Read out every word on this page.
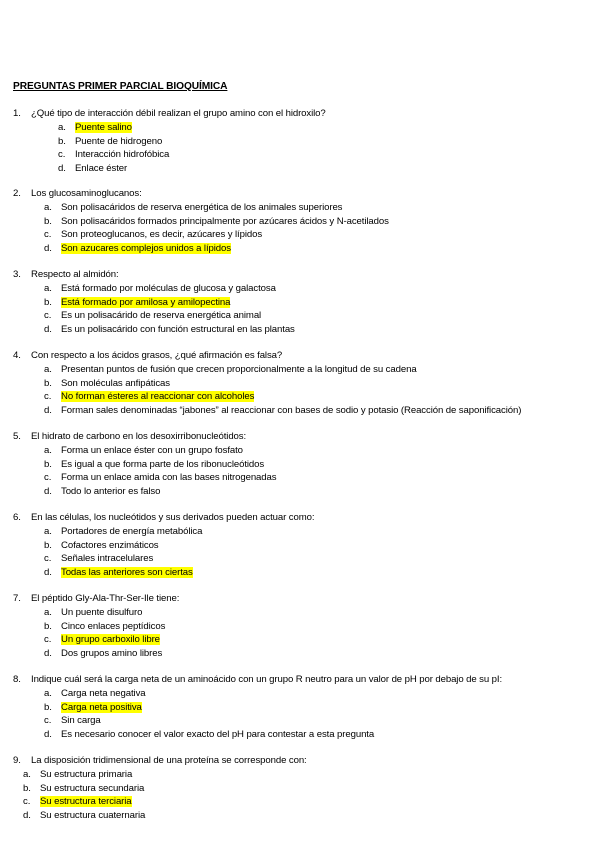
PREGUNTAS PRIMER PARCIAL BIOQUÍMICA
1. ¿Qué tipo de interacción débil realizan el grupo amino con el hidroxilo?
a. Puente salino
b. Puente de hidrogeno
c. Interacción hidrofóbica
d. Enlace éster
2. Los glucosaminoglucanos:
a. Son polisacáridos de reserva energética de los animales superiores
b. Son polisacáridos formados principalmente por azúcares ácidos y N-acetilados
c. Son proteoglucanos, es decir, azúcares y lípidos
d. Son azucares complejos unidos a lípidos
3. Respecto al almidón:
a. Está formado por moléculas de glucosa y galactosa
b. Está formado por amilosa y amilopectina
c. Es un polisacárido de reserva energética animal
d. Es un polisacárido con función estructural en las plantas
4. Con respecto a los ácidos grasos, ¿qué afirmación es falsa?
a. Presentan puntos de fusión que crecen proporcionalmente a la longitud de su cadena
b. Son moléculas anfipáticas
c. No forman ésteres al reaccionar con alcoholes
d. Forman sales denominadas “jabones” al reaccionar con bases de sodio y potasio (Reacción de saponificación)
5. El hidrato de carbono en los desoxirribonucleótidos:
a. Forma un enlace éster con un grupo fosfato
b. Es igual a que forma parte de los ribonucleótidos
c. Forma un enlace amida con las bases nitrogenadas
d. Todo lo anterior es falso
6. En las células, los nucleótidos y sus derivados pueden actuar como:
a. Portadores de energía metabólica
b. Cofactores enzimáticos
c. Señales intracelulares
d. Todas las anteriores son ciertas
7. El péptido Gly-Ala-Thr-Ser-Ile tiene:
a. Un puente disulfuro
b. Cinco enlaces peptídicos
c. Un grupo carboxilo libre
d. Dos grupos amino libres
8. Indique cuál será la carga neta de un aminoácido con un grupo R neutro para un valor de pH por debajo de su pI:
a. Carga neta negativa
b. Carga neta positiva
c. Sin carga
d. Es necesario conocer el valor exacto del pH para contestar a esta pregunta
9. La disposición tridimensional de una proteína se corresponde con:
a. Su estructura primaria
b. Su estructura secundaria
c. Su estructura terciaria
d. Su estructura cuaternaria
